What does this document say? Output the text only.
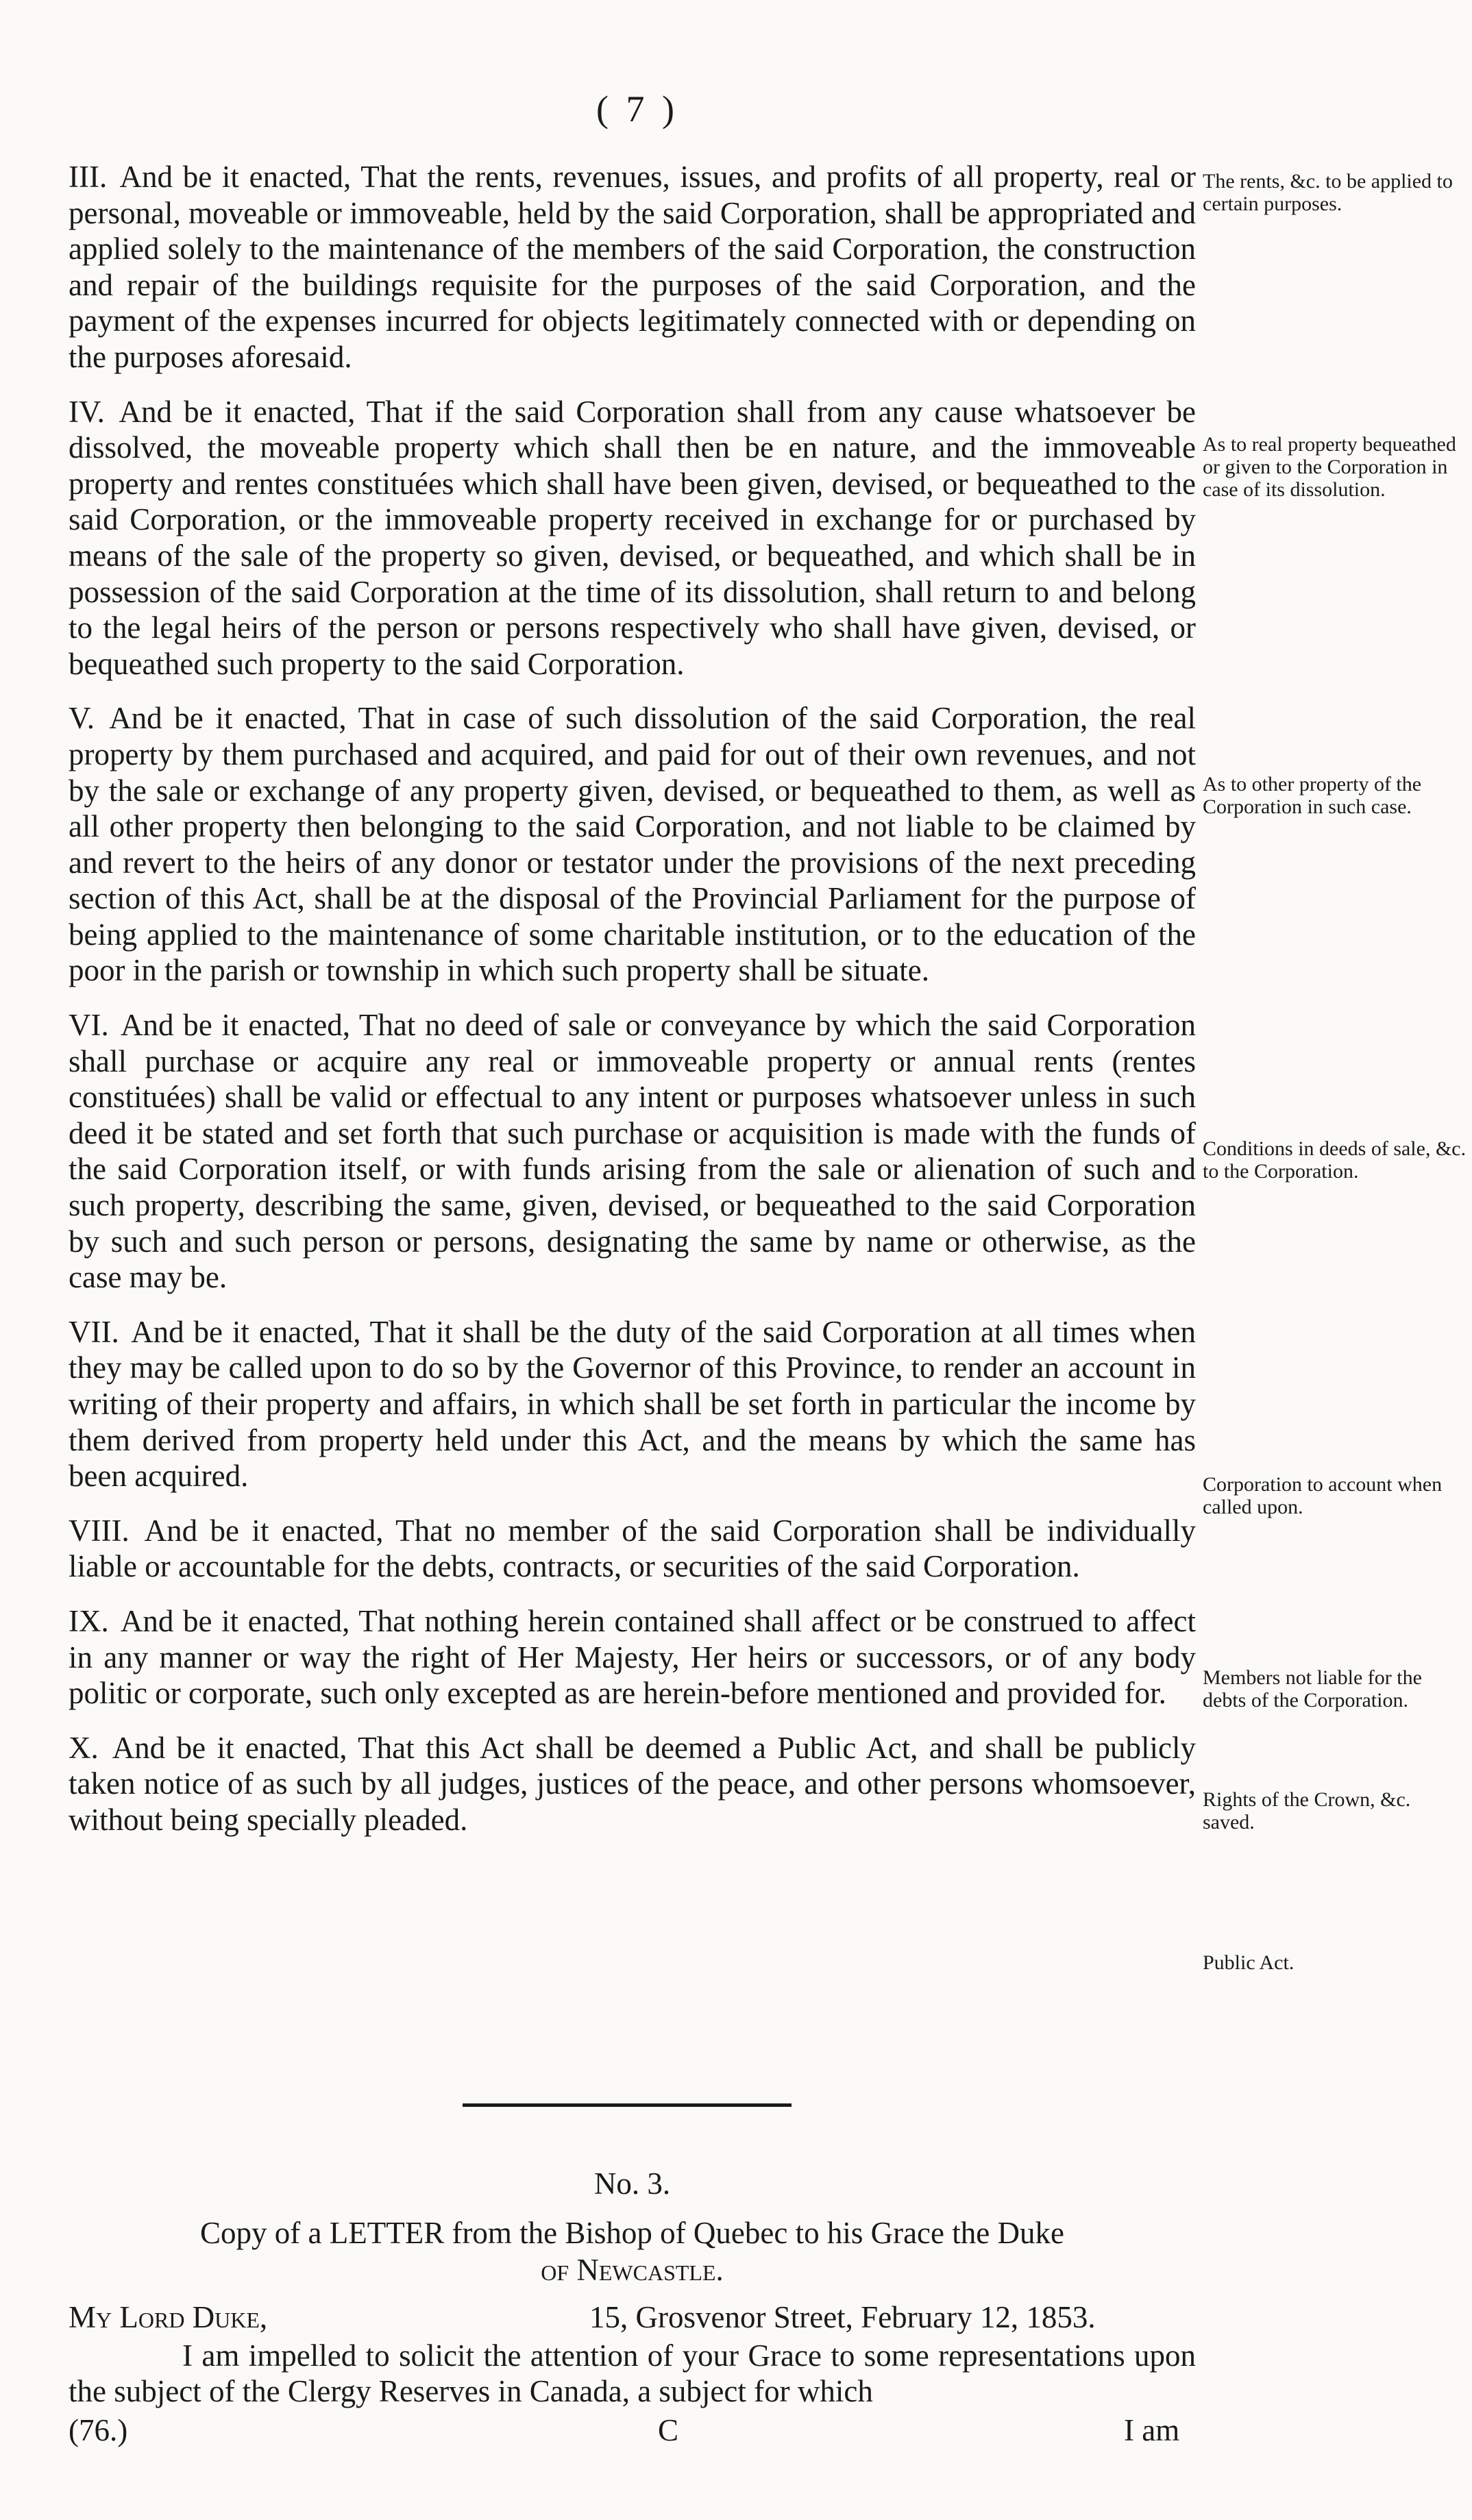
( 7 )

III. And be it enacted, That the rents, revenues, issues, and profits of all property, real or personal, moveable or immoveable, held by the said Corporation, shall be appropriated and applied solely to the maintenance of the members of the said Corporation, the construction and repair of the buildings requisite for the purposes of the said Corporation, and the payment of the expenses incurred for objects legitimately connected with or depending on the purposes aforesaid.

IV. And be it enacted, That if the said Corporation shall from any cause whatsoever be dissolved, the moveable property which shall then be en nature, and the immoveable property and rentes constituées which shall have been given, devised, or bequeathed to the said Corporation, or the immoveable property received in exchange for or purchased by means of the sale of the property so given, devised, or bequeathed, and which shall be in possession of the said Corporation at the time of its dissolution, shall return to and belong to the legal heirs of the person or persons respectively who shall have given, devised, or bequeathed such property to the said Corporation.

V. And be it enacted, That in case of such dissolution of the said Corporation, the real property by them purchased and acquired, and paid for out of their own revenues, and not by the sale or exchange of any property given, devised, or bequeathed to them, as well as all other property then belonging to the said Corporation, and not liable to be claimed by and revert to the heirs of any donor or testator under the provisions of the next preceding section of this Act, shall be at the disposal of the Provincial Parliament for the purpose of being applied to the maintenance of some charitable institution, or to the education of the poor in the parish or township in which such property shall be situate.

VI. And be it enacted, That no deed of sale or conveyance by which the said Corporation shall purchase or acquire any real or immoveable property or annual rents (rentes constituées) shall be valid or effectual to any intent or purposes whatsoever unless in such deed it be stated and set forth that such purchase or acquisition is made with the funds of the said Corporation itself, or with funds arising from the sale or alienation of such and such property, describing the same, given, devised, or bequeathed to the said Corporation by such and such person or persons, designating the same by name or otherwise, as the case may be.

VII. And be it enacted, That it shall be the duty of the said Corporation at all times when they may be called upon to do so by the Governor of this Province, to render an account in writing of their property and affairs, in which shall be set forth in particular the income by them derived from property held under this Act, and the means by which the same has been acquired.

VIII. And be it enacted, That no member of the said Corporation shall be individually liable or accountable for the debts, contracts, or securities of the said Corporation.

IX. And be it enacted, That nothing herein contained shall affect or be construed to affect in any manner or way the right of Her Majesty, Her heirs or successors, or of any body politic or corporate, such only excepted as are herein-before mentioned and provided for.

X. And be it enacted, That this Act shall be deemed a Public Act, and shall be publicly taken notice of as such by all judges, justices of the peace, and other persons whomsoever, without being specially pleaded.

The rents, &c. to be applied to certain purposes.
As to real property bequeathed or given to the Corporation in case of its dissolution.
As to other property of the Corporation in such case.
Conditions in deeds of sale, &c. to the Corporation.
Corporation to account when called upon.
Members not liable for the debts of the Corporation.
Rights of the Crown, &c. saved.
Public Act.
No. 3.
Copy of a LETTER from the Bishop of Quebec to his Grace the Duke
of Newcastle.
My Lord Duke,	15, Grosvenor Street, February 12, 1853.
I am impelled to solicit the attention of your Grace to some representations upon the subject of the Clergy Reserves in Canada, a subject for which
(76.)	C	I am
